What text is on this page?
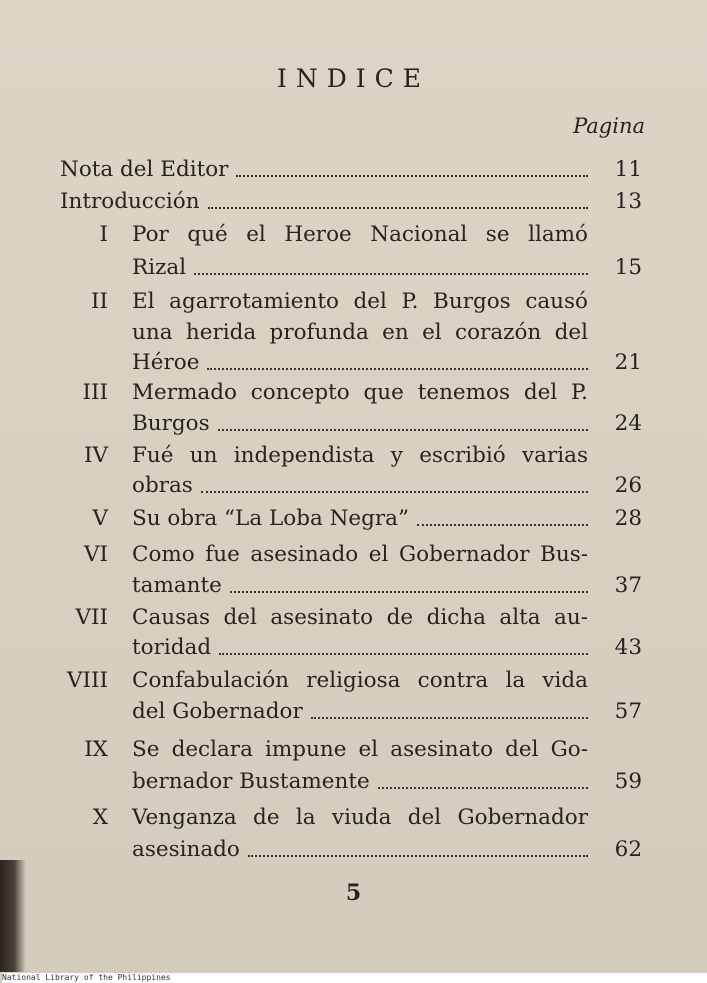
INDICE
Pagina
Nota del Editor	11
Introducción	13
I Por qué el Heroe Nacional se llamó
Rizal	15
II El agarrotamiento del P. Burgos causó
una herida profunda en el corazón del
Héroe	21
III Mermado concepto que tenemos del P.
Burgos	24
IV Fué un independista y escribió varias
obras	26
V Su obra “La Loba Negra”	28
VI Como fue asesinado el Gobernador Bus-
tamante	37
VII Causas del asesinato de dicha alta au-
toridad	43
VIII Confabulación religiosa contra la vida
del Gobernador	57
IX Se declara impune el asesinato del Go-
bernador Bustamente	59
X Venganza de la viuda del Gobernador
asesinado	62
5
National Library of the Philippines
